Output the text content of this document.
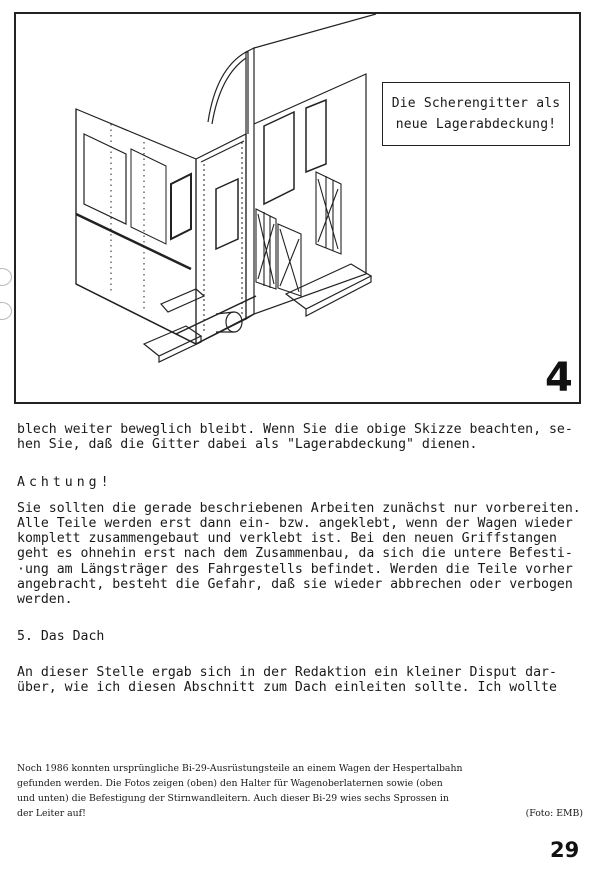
Die Scherengitter als
neue Lagerabdeckung!
4
blech weiter beweglich bleibt. Wenn Sie die obige Skizze beachten, se-
hen Sie, daß die Gitter dabei als "Lagerabdeckung" dienen.
Achtung!
Sie sollten die gerade beschriebenen Arbeiten zunächst nur vorbereiten.
Alle Teile werden erst dann ein- bzw. angeklebt, wenn der Wagen wieder
komplett zusammengebaut und verklebt ist. Bei den neuen Griffstangen
geht es ohnehin erst nach dem Zusammenbau, da sich die untere Befesti-
·ung am Längsträger des Fahrgestells befindet. Werden die Teile vorher
angebracht, besteht die Gefahr, daß sie wieder abbrechen oder verbogen
werden.
5. Das Dach
An dieser Stelle ergab sich in der Redaktion ein kleiner Disput dar-
über, wie ich diesen Abschnitt zum Dach einleiten sollte. Ich wollte
Noch 1986 konnten ursprüngliche Bi-29-Ausrüstungsteile an einem Wagen der Hespertalbahn
gefunden werden. Die Fotos zeigen (oben) den Halter für Wagenoberlaternen sowie (oben
und unten) die Befestigung der Stirnwandleitern. Auch dieser Bi-29 wies sechs Sprossen in
der Leiter auf!	(Foto: EMB)
29
